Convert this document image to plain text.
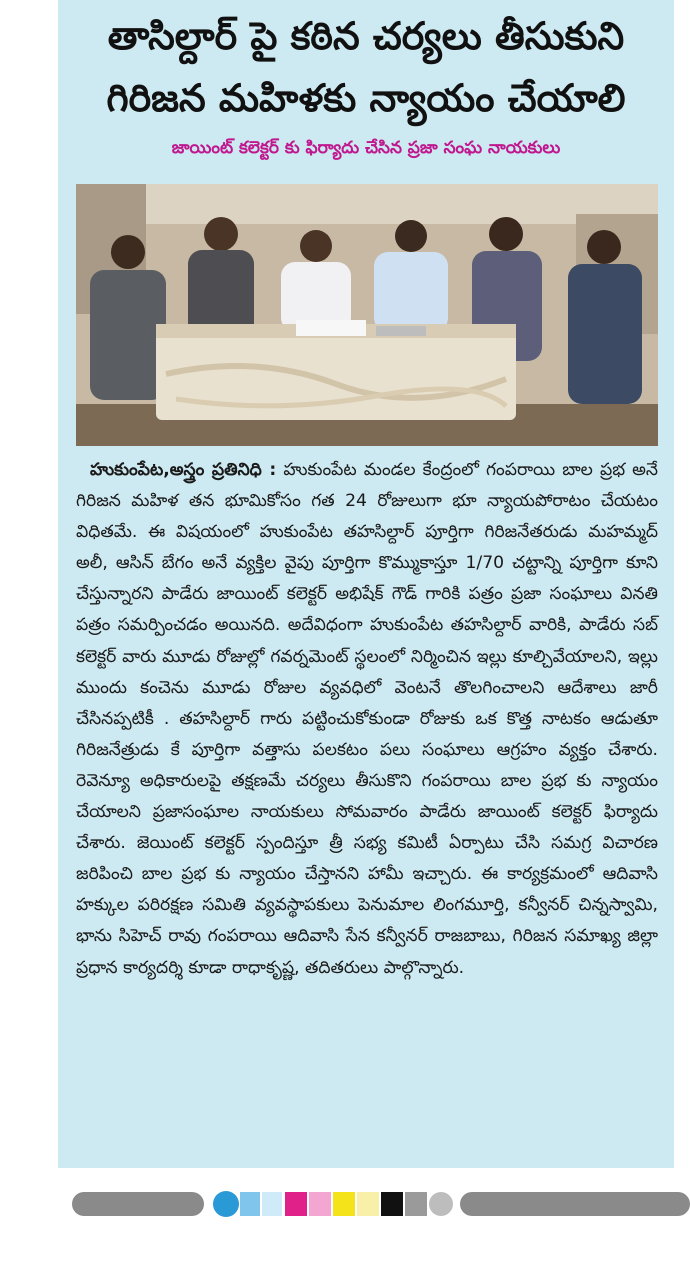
తాసిల్దార్ పై కఠిన చర్యలు తీసుకుని
గిరిజన మహిళకు న్యాయం చేయాలి

జాయింట్ కలెక్టర్ కు ఫిర్యాదు చేసిన ప్రజా సంఘ నాయకులు

హుకుంపేట,అస్త్రం ప్రతినిధి : హుకుంపేట మండల కేంద్రంలో గంపరాయి బాల ప్రభ అనే గిరిజన మహిళ తన భూమికోసం గత 24 రోజులుగా భూ న్యాయపోరాటం చేయటం విధితమే. ఈ విషయంలో హుకుంపేట తహసిల్దార్ పూర్తిగా గిరిజనేతరుడు మహమ్మద్ అలీ, ఆసిన్ బేగం అనే వ్యక్తిల వైపు పూర్తిగా కొమ్ముకాస్తూ 1/70 చట్టాన్ని పూర్తిగా కూని చేస్తున్నారని పాడేరు జాయింట్ కలెక్టర్ అభిషేక్ గౌడ్ గారికి పత్రం ప్రజా సంఘాలు వినతి పత్రం సమర్పించడం అయినది. అదేవిధంగా హుకుంపేట తహసిల్దార్ వారికి, పాడేరు సబ్ కలెక్టర్ వారు మూడు రోజుల్లో గవర్నమెంట్ స్థలంలో నిర్మించిన ఇల్లు కూల్చివేయాలని, ఇల్లు ముందు కంచెను మూడు రోజుల వ్యవధిలో వెంటనే తొలగించాలని ఆదేశాలు జారీ చేసినప్పటికీ . తహసిల్దార్ గారు పట్టించుకోకుండా రోజుకు ఒక కొత్త నాటకం ఆడుతూ గిరిజనేత్రుడు కే పూర్తిగా వత్తాసు పలకటం పలు సంఘాలు ఆగ్రహం వ్యక్తం చేశారు. రెవెన్యూ అధికారులపై తక్షణమే చర్యలు తీసుకొని గంపరాయి బాల ప్రభ కు న్యాయం చేయాలని ప్రజాసంఘాల నాయకులు సోమవారం పాడేరు జాయింట్ కలెక్టర్ ఫిర్యాదు చేశారు. జెయింట్ కలెక్టర్ స్పందిస్తూ త్రీ సభ్య కమిటీ ఏర్పాటు చేసి సమగ్ర విచారణ జరిపించి బాల ప్రభ కు న్యాయం చేస్తానని హామీ ఇచ్చారు. ఈ కార్యక్రమంలో ఆదివాసి హక్కుల పరిరక్షణ సమితి వ్యవస్థాపకులు పెనుమాల లింగమూర్తి, కన్వీనర్ చిన్నస్వామి, భాను సిహెచ్ రావు గంపరాయి ఆదివాసి సేన కన్వీనర్ రాజబాబు, గిరిజన సమాఖ్య జిల్లా ప్రధాన కార్యదర్శి కూడా రాధాకృష్ణ, తదితరులు పాల్గొన్నారు.
